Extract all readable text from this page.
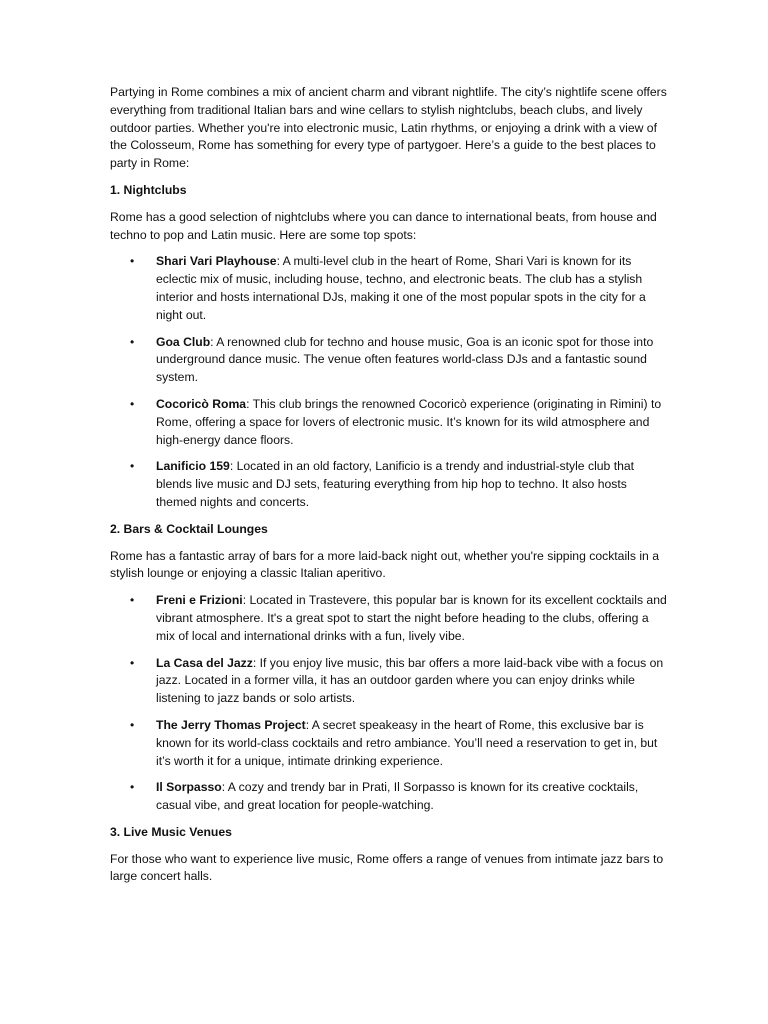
Partying in Rome combines a mix of ancient charm and vibrant nightlife. The city’s nightlife scene offers everything from traditional Italian bars and wine cellars to stylish nightclubs, beach clubs, and lively outdoor parties. Whether you're into electronic music, Latin rhythms, or enjoying a drink with a view of the Colosseum, Rome has something for every type of partygoer. Here’s a guide to the best places to party in Rome:

1. Nightclubs

Rome has a good selection of nightclubs where you can dance to international beats, from house and techno to pop and Latin music. Here are some top spots:

• Shari Vari Playhouse: A multi-level club in the heart of Rome, Shari Vari is known for its eclectic mix of music, including house, techno, and electronic beats. The club has a stylish interior and hosts international DJs, making it one of the most popular spots in the city for a night out.
• Goa Club: A renowned club for techno and house music, Goa is an iconic spot for those into underground dance music. The venue often features world-class DJs and a fantastic sound system.
• Cocoricò Roma: This club brings the renowned Cocoricò experience (originating in Rimini) to Rome, offering a space for lovers of electronic music. It’s known for its wild atmosphere and high-energy dance floors.
• Lanificio 159: Located in an old factory, Lanificio is a trendy and industrial-style club that blends live music and DJ sets, featuring everything from hip hop to techno. It also hosts themed nights and concerts.

2. Bars & Cocktail Lounges

Rome has a fantastic array of bars for a more laid-back night out, whether you're sipping cocktails in a stylish lounge or enjoying a classic Italian aperitivo.

• Freni e Frizioni: Located in Trastevere, this popular bar is known for its excellent cocktails and vibrant atmosphere. It's a great spot to start the night before heading to the clubs, offering a mix of local and international drinks with a fun, lively vibe.
• La Casa del Jazz: If you enjoy live music, this bar offers a more laid-back vibe with a focus on jazz. Located in a former villa, it has an outdoor garden where you can enjoy drinks while listening to jazz bands or solo artists.
• The Jerry Thomas Project: A secret speakeasy in the heart of Rome, this exclusive bar is known for its world-class cocktails and retro ambiance. You’ll need a reservation to get in, but it’s worth it for a unique, intimate drinking experience.
• Il Sorpasso: A cozy and trendy bar in Prati, Il Sorpasso is known for its creative cocktails, casual vibe, and great location for people-watching.

3. Live Music Venues

For those who want to experience live music, Rome offers a range of venues from intimate jazz bars to large concert halls.
